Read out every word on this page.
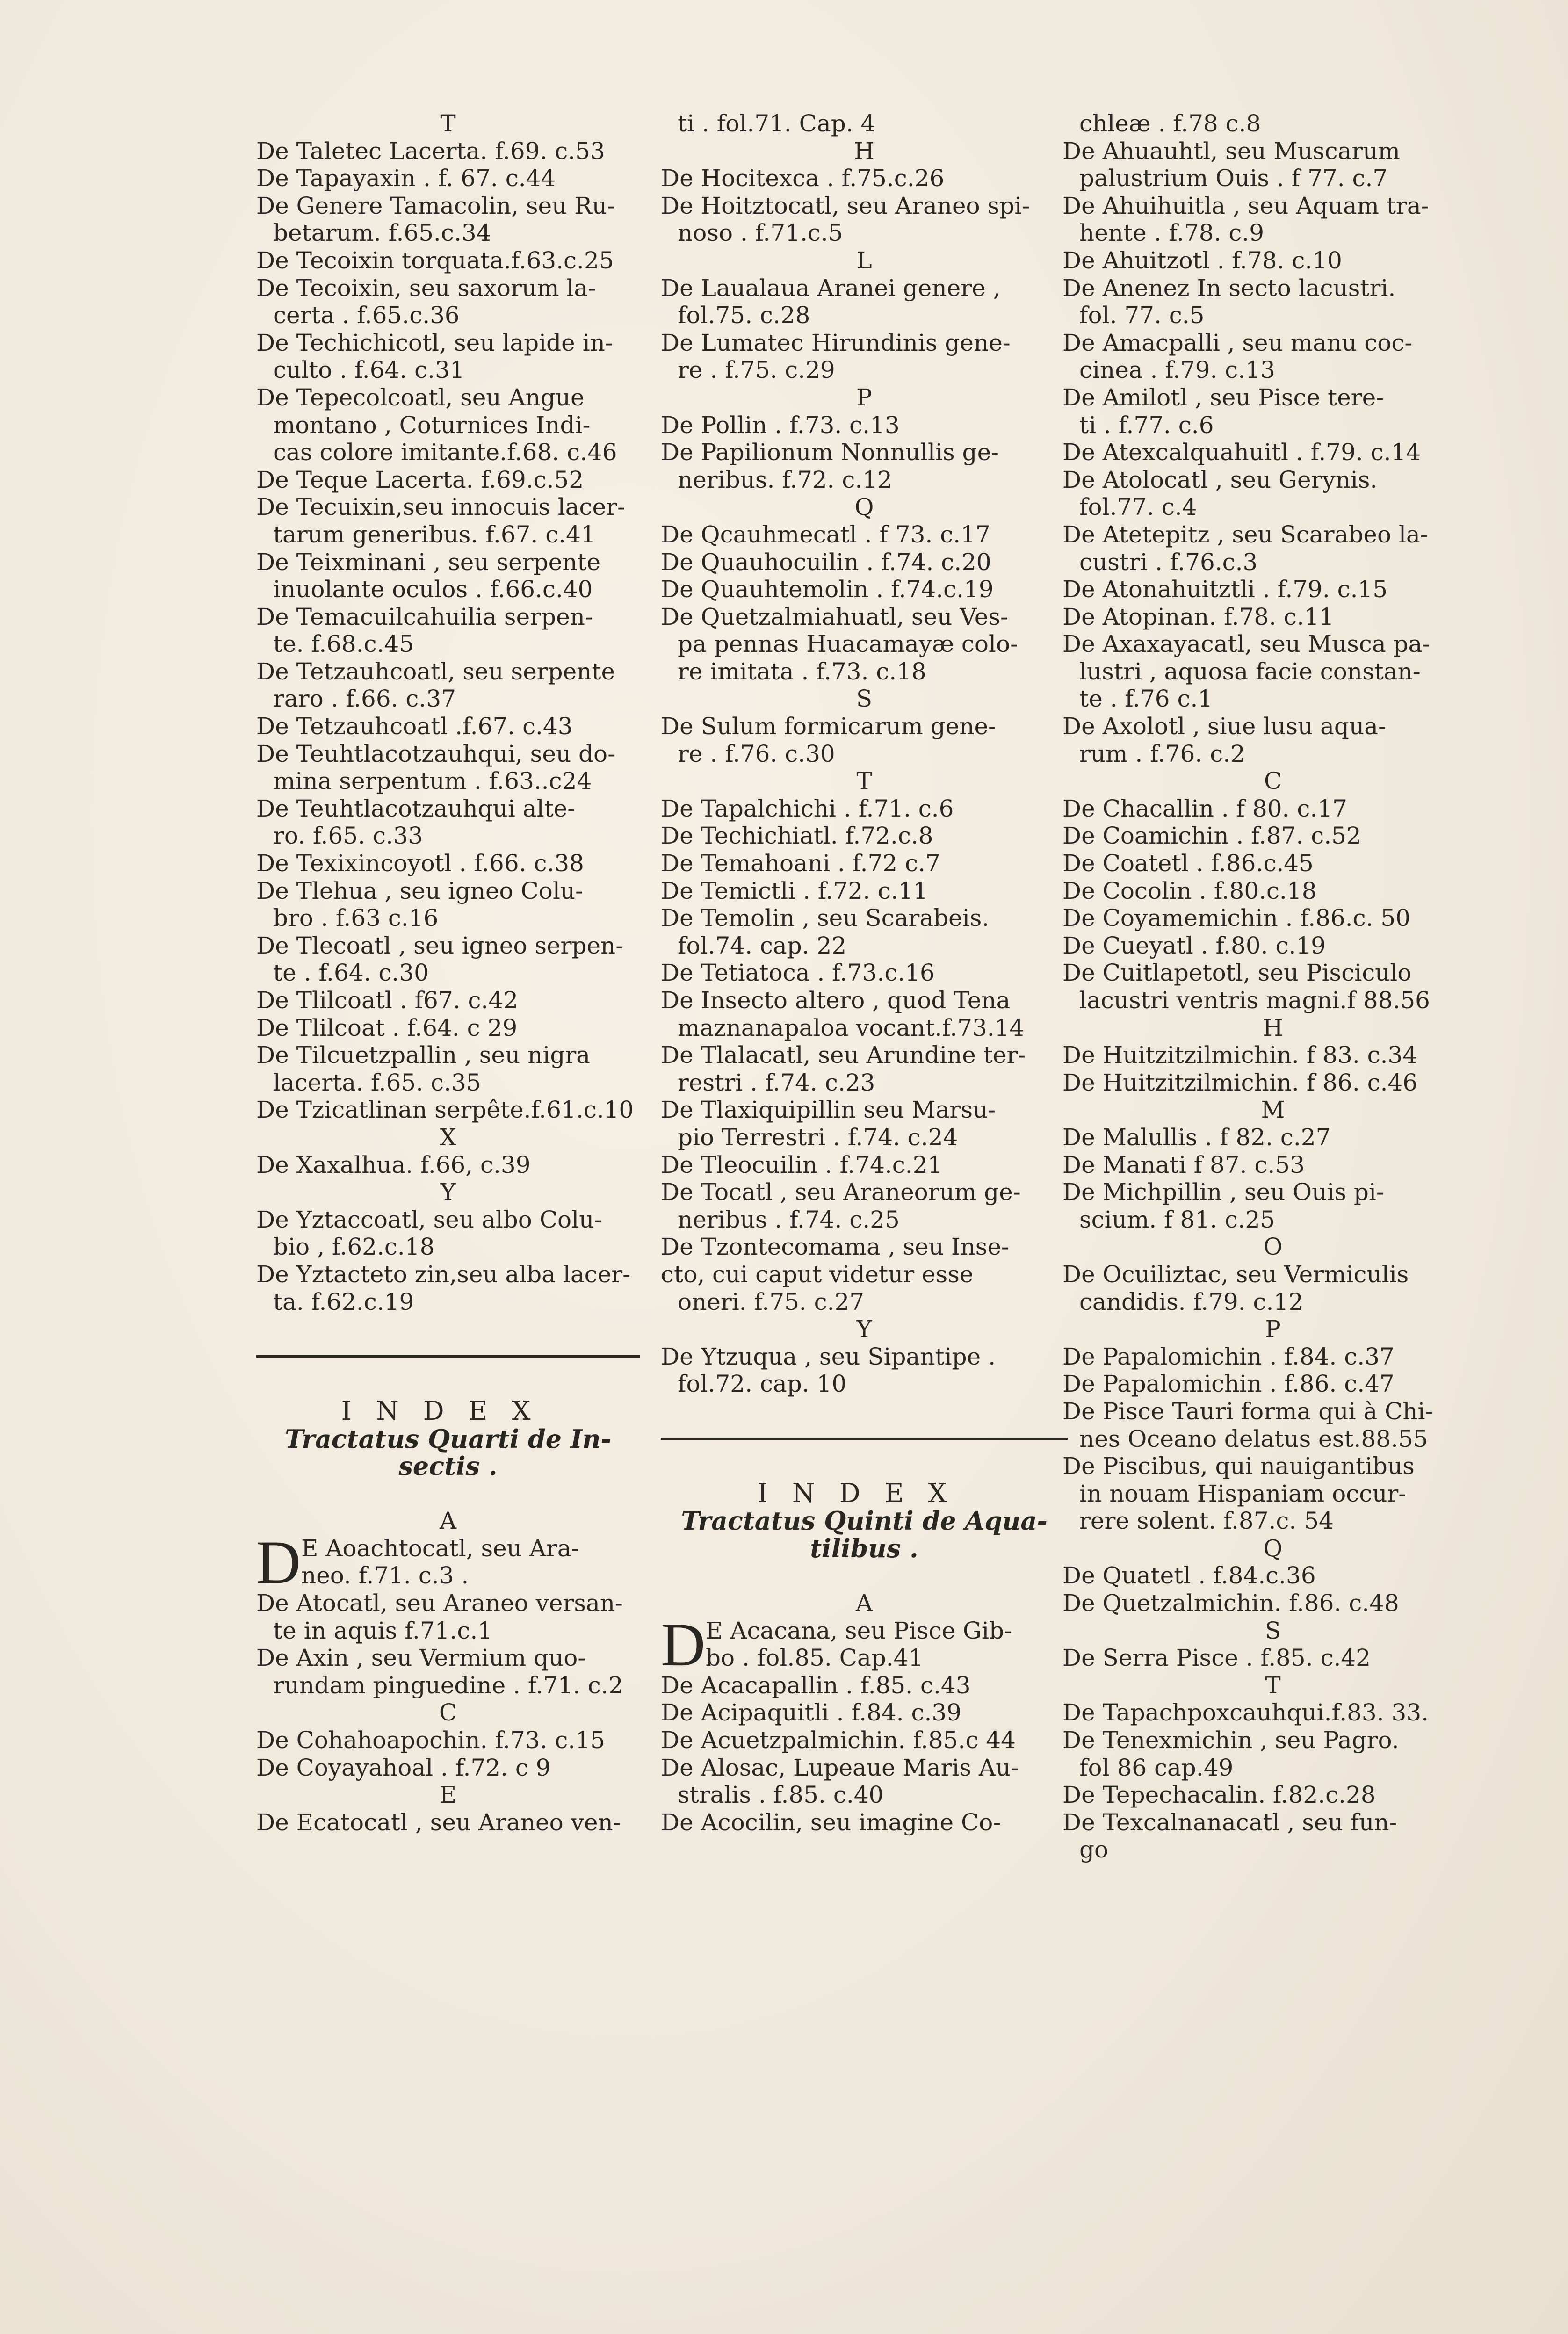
T
De Taletec Lacerta. f.69. c.53
De Tapayaxin . f. 67. c.44
De Genere Tamacolin, seu Ru-
betarum. f.65.c.34
De Tecoixin torquata.f.63.c.25
De Tecoixin, seu saxorum la-
certa . f.65.c.36
De Techichicotl, seu lapide in-
culto . f.64. c.31
De Tepecolcoatl, seu Angue
montano , Coturnices Indi-
cas colore imitante.f.68. c.46
De Teque Lacerta. f.69.c.52
De Tecuixin,seu innocuis lacer-
tarum generibus. f.67. c.41
De Teixminani , seu serpente
inuolante oculos . f.66.c.40
De Temacuilcahuilia serpen-
te. f.68.c.45
De Tetzauhcoatl, seu serpente
raro . f.66. c.37
De Tetzauhcoatl .f.67. c.43
De Teuhtlacotzauhqui, seu do-
mina serpentum . f.63..c24
De Teuhtlacotzauhqui alte-
ro. f.65. c.33
De Texixincoyotl . f.66. c.38
De Tlehua , seu igneo Colu-
bro . f.63 c.16
De Tlecoatl , seu igneo serpen-
te . f.64. c.30
De Tlilcoatl . f67. c.42
De Tlilcoat . f.64. c 29
De Tilcuetzpallin , seu nigra
lacerta. f.65. c.35
De Tzicatlinan serpête.f.61.c.10
X
De Xaxalhua. f.66, c.39
Y
De Yztaccoatl, seu albo Colu-
bio , f.62.c.18
De Yztacteto zin,seu alba lacer-
ta. f.62.c.19
INDEX
Tractatus Quarti de In-
sectis .
A
D E Aoachtocatl, seu Ara-
neo. f.71. c.3 .
De Atocatl, seu Araneo versan-
te in aquis f.71.c.1
De Axin , seu Vermium quo-
rundam pinguedine . f.71. c.2
C
De Cohahoapochin. f.73. c.15
De Coyayahoal . f.72. c 9
E
De Ecatocatl , seu Araneo ven-
ti . fol.71. Cap. 4
H
De Hocitexca . f.75.c.26
De Hoitztocatl, seu Araneo spi-
noso . f.71.c.5
L
De Laualaua Aranei genere ,
fol.75. c.28
De Lumatec Hirundinis gene-
re . f.75. c.29
P
De Pollin . f.73. c.13
De Papilionum Nonnullis ge-
neribus. f.72. c.12
Q
De Qcauhmecatl . f 73. c.17
De Quauhocuilin . f.74. c.20
De Quauhtemolin . f.74.c.19
De Quetzalmiahuatl, seu Ves-
pa pennas Huacamayæ colo-
re imitata . f.73. c.18
S
De Sulum formicarum gene-
re . f.76. c.30
T
De Tapalchichi . f.71. c.6
De Techichiatl. f.72.c.8
De Temahoani . f.72 c.7
De Temictli . f.72. c.11
De Temolin , seu Scarabeis.
fol.74. cap. 22
De Tetiatoca . f.73.c.16
De Insecto altero , quod Tena
maznanapaloa vocant.f.73.14
De Tlalacatl, seu Arundine ter-
restri . f.74. c.23
De Tlaxiquipillin seu Marsu-
pio Terrestri . f.74. c.24
De Tleocuilin . f.74.c.21
De Tocatl , seu Araneorum ge-
neribus . f.74. c.25
De Tzontecomama , seu Inse-
cto, cui caput videtur esse
oneri. f.75. c.27
Y
De Ytzuqua , seu Sipantipe .
fol.72. cap. 10
INDEX
Tractatus Quinti de Aqua-
tilibus .
A
D E Acacana, seu Pisce Gib-
bo . fol.85. Cap.41
De Acacapallin . f.85. c.43
De Acipaquitli . f.84. c.39
De Acuetzpalmichin. f.85.c 44
De Alosac, Lupeaue Maris Au-
stralis . f.85. c.40
De Acocilin, seu imagine Co-
chleæ . f.78 c.8
De Ahuauhtl, seu Muscarum
palustrium Ouis . f 77. c.7
De Ahuihuitla , seu Aquam tra-
hente . f.78. c.9
De Ahuitzotl . f.78. c.10
De Anenez In secto lacustri.
fol. 77. c.5
De Amacpalli , seu manu coc-
cinea . f.79. c.13
De Amilotl , seu Pisce tere-
ti . f.77. c.6
De Atexcalquahuitl . f.79. c.14
De Atolocatl , seu Gerynis.
fol.77. c.4
De Atetepitz , seu Scarabeo la-
custri . f.76.c.3
De Atonahuitztli . f.79. c.15
De Atopinan. f.78. c.11
De Axaxayacatl, seu Musca pa-
lustri , aquosa facie constan-
te . f.76 c.1
De Axolotl , siue lusu aqua-
rum . f.76. c.2
C
De Chacallin . f 80. c.17
De Coamichin . f.87. c.52
De Coatetl . f.86.c.45
De Cocolin . f.80.c.18
De Coyamemichin . f.86.c. 50
De Cueyatl . f.80. c.19
De Cuitlapetotl, seu Pisciculo
lacustri ventris magni.f 88.56
H
De Huitzitzilmichin. f 83. c.34
De Huitzitzilmichin. f 86. c.46
M
De Malullis . f 82. c.27
De Manati f 87. c.53
De Michpillin , seu Ouis pi-
scium. f 81. c.25
O
De Ocuiliztac, seu Vermiculis
candidis. f.79. c.12
P
De Papalomichin . f.84. c.37
De Papalomichin . f.86. c.47
De Pisce Tauri forma qui à Chi-
nes Oceano delatus est.88.55
De Piscibus, qui nauigantibus
in nouam Hispaniam occur-
rere solent. f.87.c. 54
Q
De Quatetl . f.84.c.36
De Quetzalmichin. f.86. c.48
S
De Serra Pisce . f.85. c.42
T
De Tapachpoxcauhqui.f.83. 33.
De Tenexmichin , seu Pagro.
fol 86 cap.49
De Tepechacalin. f.82.c.28
De Texcalnanacatl , seu fun-
go
